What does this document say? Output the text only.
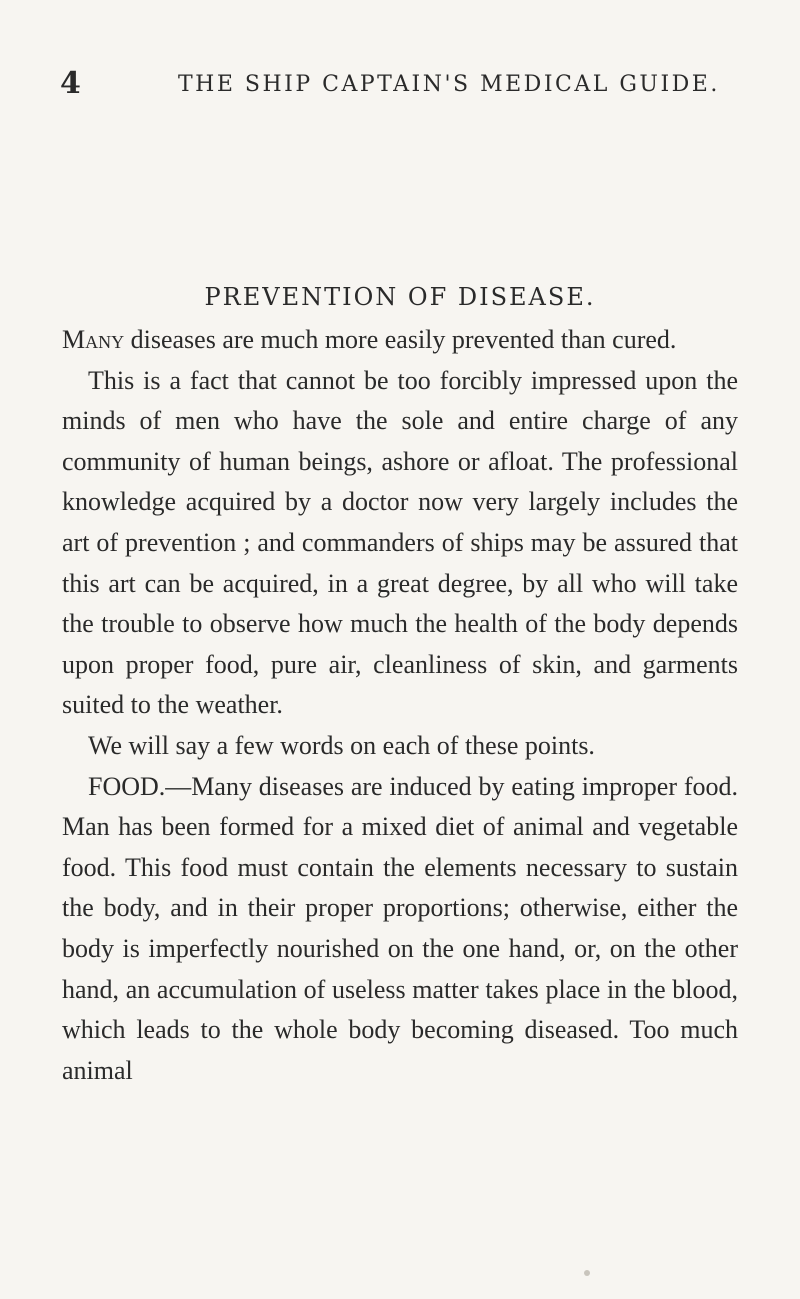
4	THE SHIP CAPTAIN'S MEDICAL GUIDE.
PREVENTION OF DISEASE.

Many diseases are much more easily prevented than cured.

This is a fact that cannot be too forcibly impressed upon the minds of men who have the sole and entire charge of any community of human beings, ashore or afloat. The professional knowledge acquired by a doctor now very largely includes the art of prevention ; and commanders of ships may be assured that this art can be acquired, in a great degree, by all who will take the trouble to observe how much the health of the body depends upon proper food, pure air, cleanliness of skin, and garments suited to the weather.

We will say a few words on each of these points.

FOOD.—Many diseases are induced by eating improper food. Man has been formed for a mixed diet of animal and vegetable food. This food must contain the elements necessary to sustain the body, and in their proper proportions; otherwise, either the body is imperfectly nourished on the one hand, or, on the other hand, an accumulation of useless matter takes place in the blood, which leads to the whole body becoming diseased. Too much animal
